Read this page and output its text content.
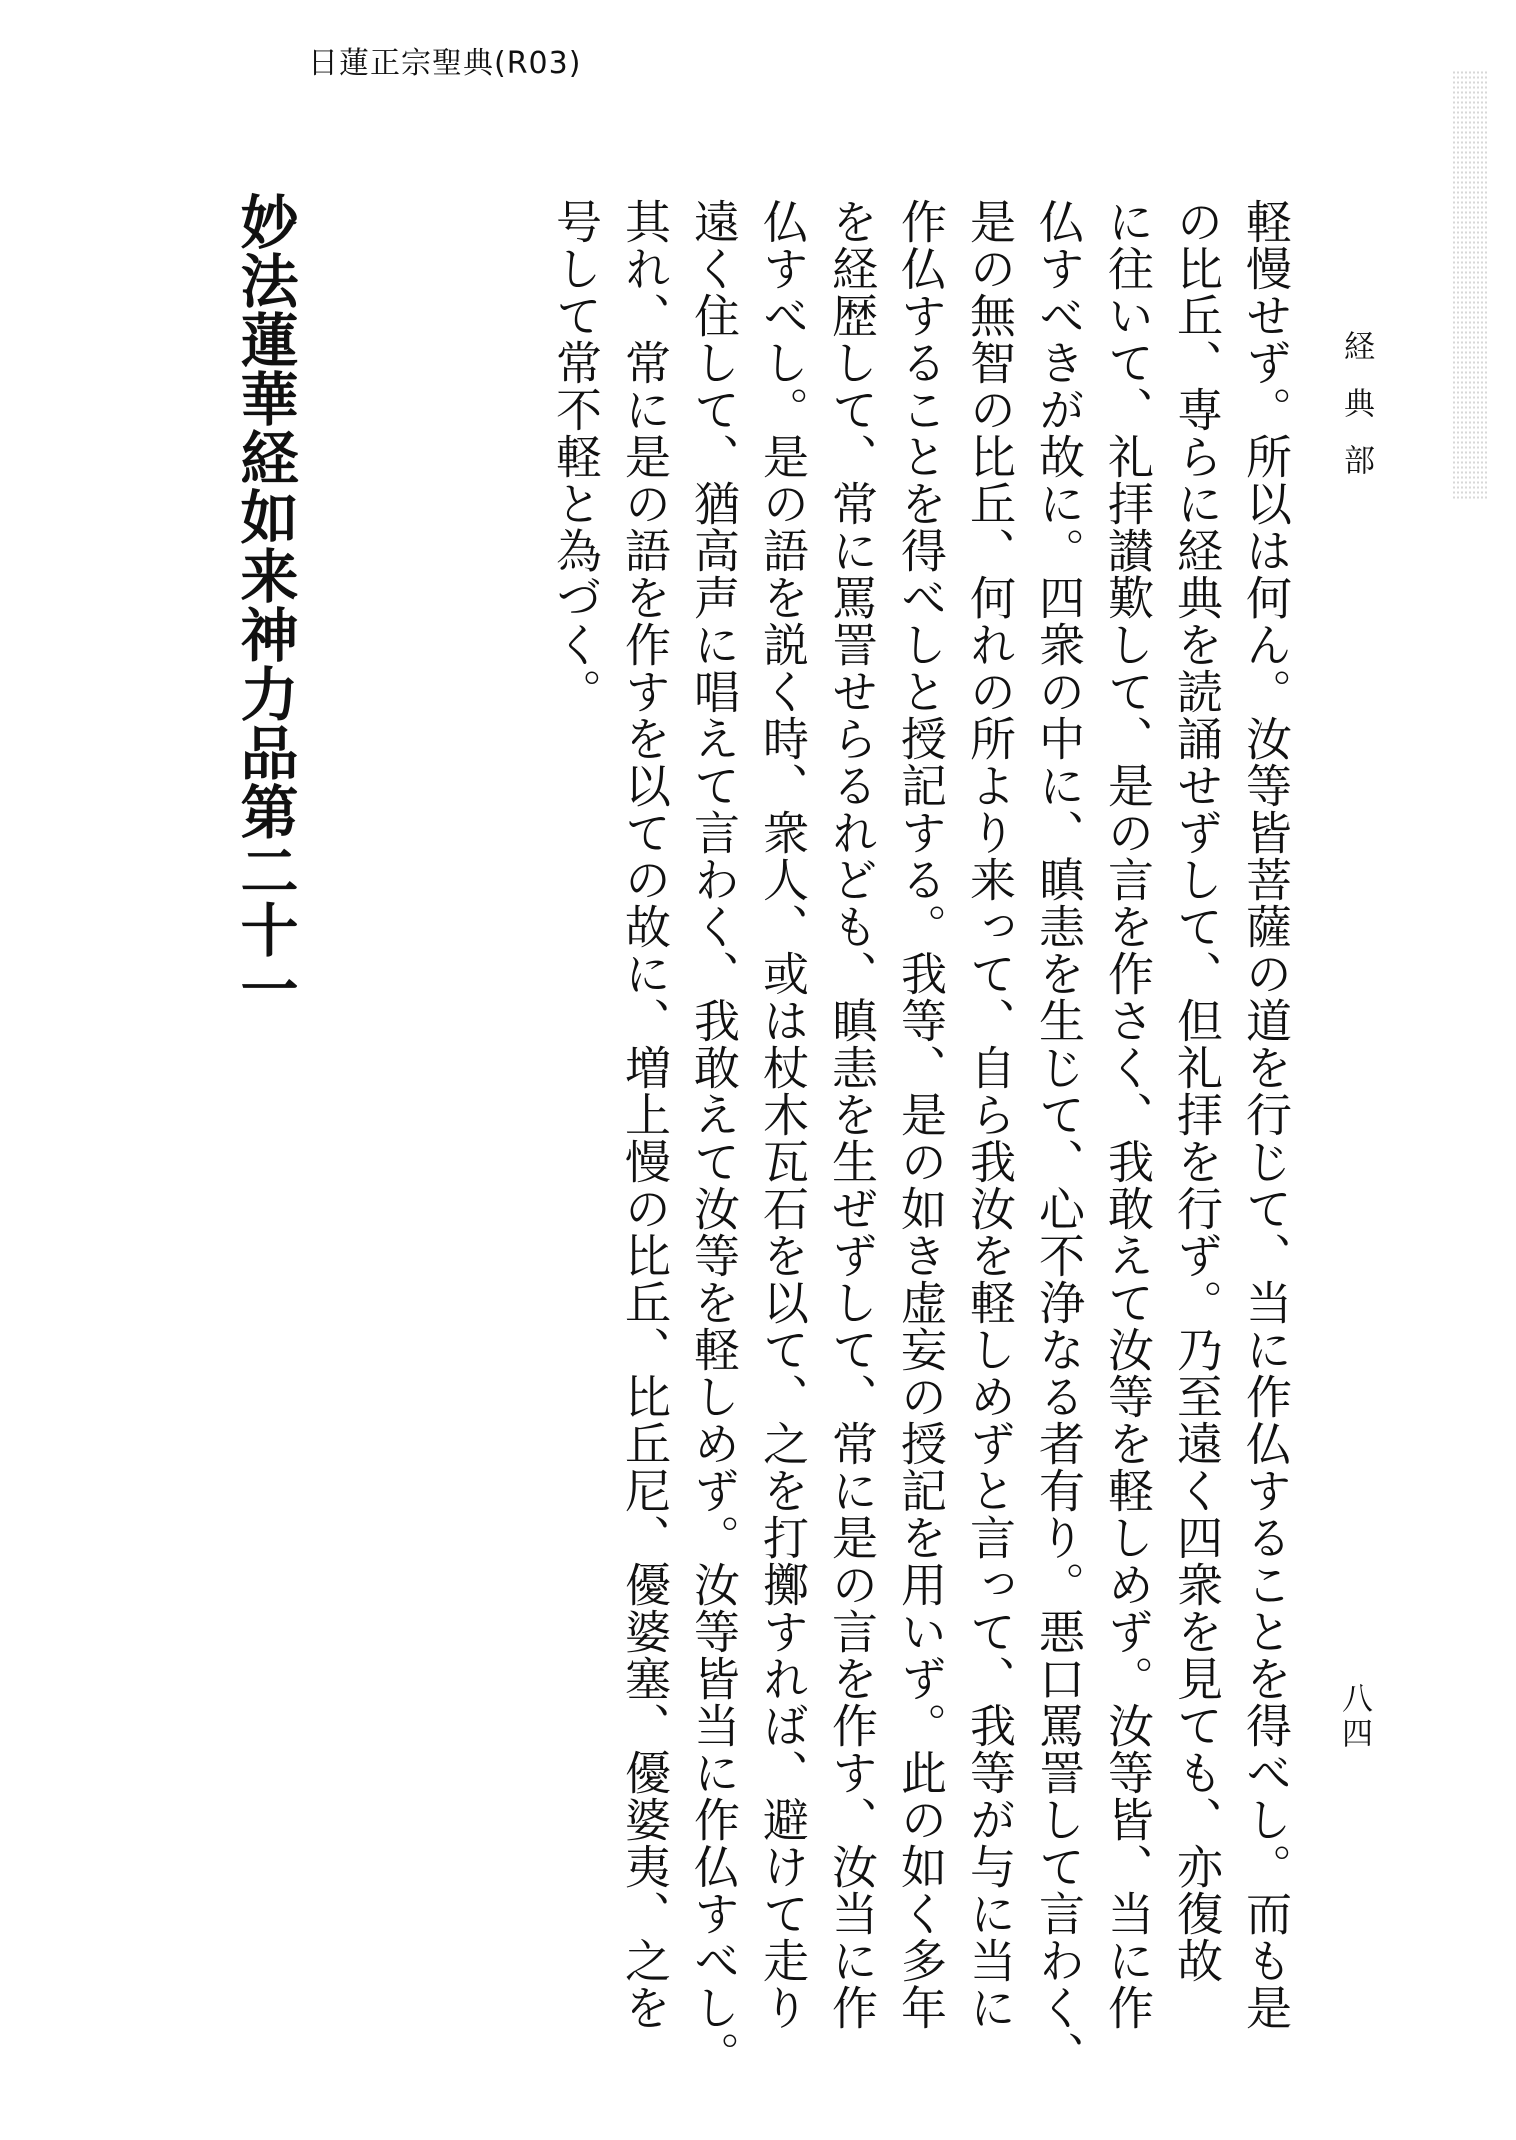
日蓮正宗聖典(R03)
経典部
八四
軽慢せず。所以は何ん。汝等皆菩薩の道を行じて、当に作仏することを得べし。而も是
の比丘、専らに経典を読誦せずして、但礼拝を行ず。乃至遠く四衆を見ても、亦復故
に往いて、礼拝讃歎して、是の言を作さく、我敢えて汝等を軽しめず。汝等皆、当に作
仏すべきが故に。四衆の中に、瞋恚を生じて、心不浄なる者有り。悪口罵詈して言わく、
是の無智の比丘、何れの所より来って、自ら我汝を軽しめずと言って、我等が与に当に
作仏することを得べしと授記する。我等、是の如き虚妄の授記を用いず。此の如く多年
を経歴して、常に罵詈せらるれども、瞋恚を生ぜずして、常に是の言を作す、汝当に作
仏すべし。是の語を説く時、衆人、或は杖木瓦石を以て、之を打擲すれば、避けて走り
遠く住して、猶高声に唱えて言わく、我敢えて汝等を軽しめず。汝等皆当に作仏すべし。
其れ、常に是の語を作すを以ての故に、増上慢の比丘、比丘尼、優婆塞、優婆夷、之を
号して常不軽と為づく。
妙法蓮華経如来神力品第二十一
